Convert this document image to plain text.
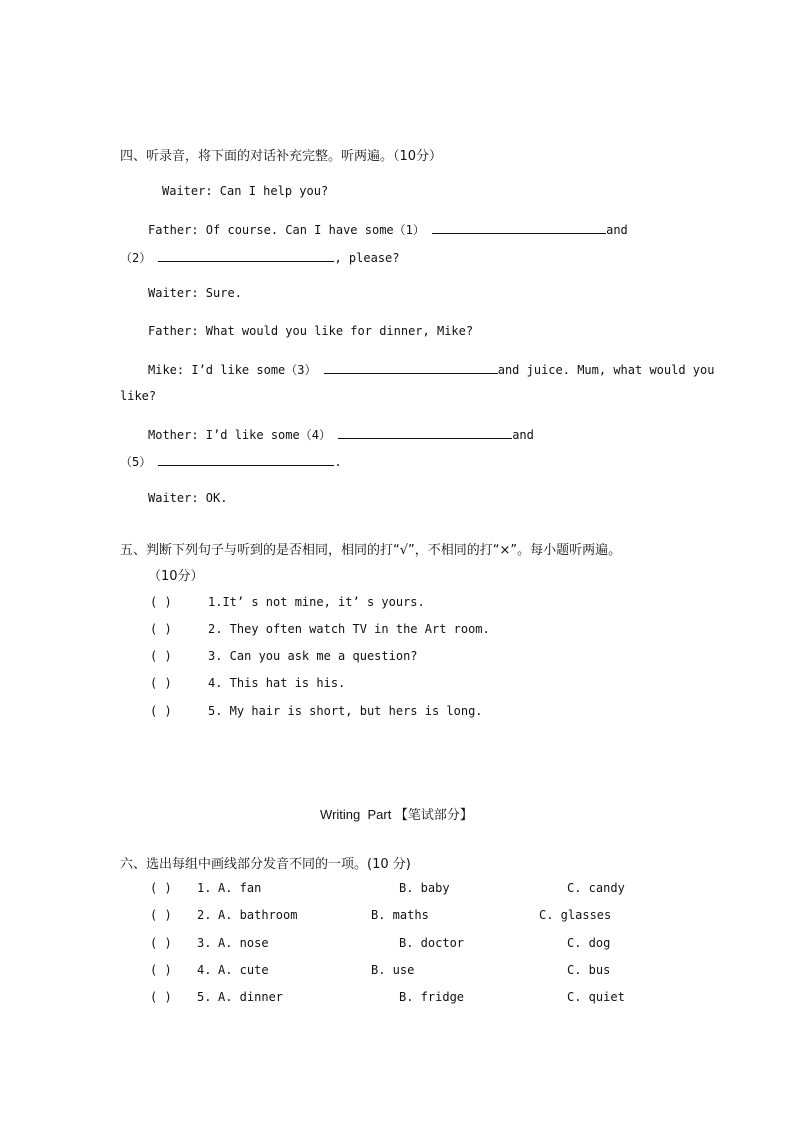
四、听录音，将下面的对话补充完整。听两遍。（10分）
Waiter: Can I help you?
Father: Of course. Can I have some（1）	and
（2）	, please?
Waiter: Sure.
Father: What would you like for dinner, Mike?
Mike: I’d like some（3）	and juice. Mum, what would you
like?
Mother: I’d like some（4）	and
（5）	.
Waiter: OK.
五、判断下列句子与听到的是否相同，相同的打“√”，不相同的打“×”。每小题听两遍。
（10分）
( )	1.It’ s not mine, it’ s yours.
( )	2. They often watch TV in the Art room.
( )	3. Can you ask me a question?
( )	4. This hat is his.
( )	5. My hair is short, but hers is long.
Writing  Part 【笔试部分】
六、选出每组中画线部分发音不同的一项。(10 分)
( ) 1. A. fan	B. baby	C. candy
( ) 2. A. bathroom	B. maths	C. glasses
( ) 3. A. nose	B. doctor	C. dog
( ) 4. A. cute	B. use	C. bus
( ) 5. A. dinner	B. fridge	C. quiet
